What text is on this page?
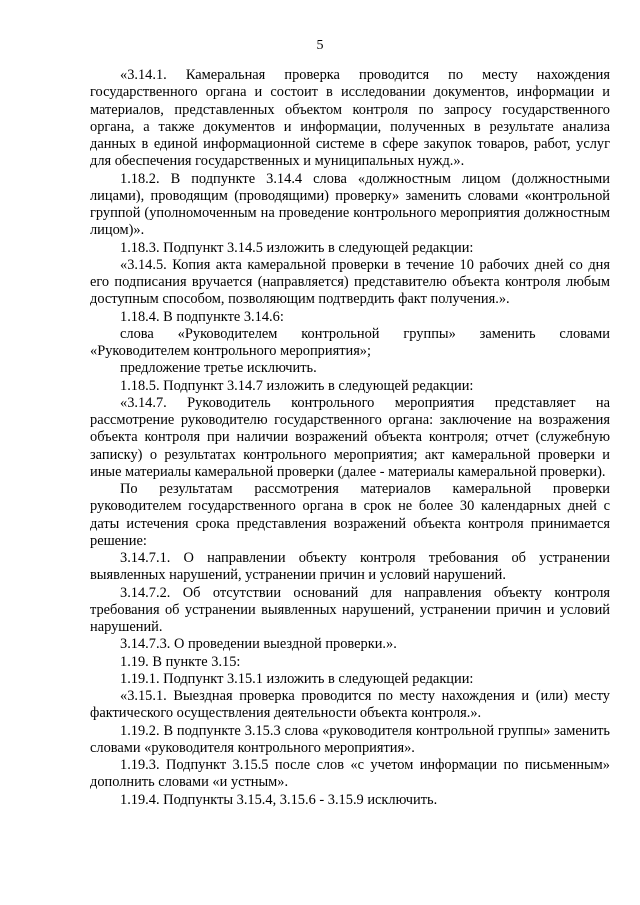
5

«3.14.1. Камеральная проверка проводится по месту нахождения государственного органа и состоит в исследовании документов, информации и материалов, представленных объектом контроля по запросу государственного органа, а также документов и информации, полученных в результате анализа данных в единой информационной системе в сфере закупок товаров, работ, услуг для обеспечения государственных и муниципальных нужд.».

1.18.2. В подпункте 3.14.4 слова «должностным лицом (должностными лицами), проводящим (проводящими) проверку» заменить словами «контрольной группой (уполномоченным на проведение контрольного мероприятия должностным лицом)».

1.18.3. Подпункт 3.14.5 изложить в следующей редакции:

«3.14.5. Копия акта камеральной проверки в течение 10 рабочих дней со дня его подписания вручается (направляется) представителю объекта контроля любым доступным способом, позволяющим подтвердить факт получения.».

1.18.4. В подпункте 3.14.6:

слова «Руководителем контрольной группы» заменить словами «Руководителем контрольного мероприятия»;

предложение третье исключить.

1.18.5. Подпункт 3.14.7 изложить в следующей редакции:

«3.14.7. Руководитель контрольного мероприятия представляет на рассмотрение руководителю государственного органа: заключение на возражения объекта контроля при наличии возражений объекта контроля; отчет (служебную записку) о результатах контрольного мероприятия; акт камеральной проверки и иные материалы камеральной проверки (далее - материалы камеральной проверки).

По результатам рассмотрения материалов камеральной проверки руководителем государственного органа в срок не более 30 календарных дней с даты истечения срока представления возражений объекта контроля принимается решение:

3.14.7.1. О направлении объекту контроля требования об устранении выявленных нарушений, устранении причин и условий нарушений.

3.14.7.2. Об отсутствии оснований для направления объекту контроля требования об устранении выявленных нарушений, устранении причин и условий нарушений.

3.14.7.3. О проведении выездной проверки.».

1.19. В пункте 3.15:

1.19.1. Подпункт 3.15.1 изложить в следующей редакции:

«3.15.1. Выездная проверка проводится по месту нахождения и (или) месту фактического осуществления деятельности объекта контроля.».

1.19.2. В подпункте 3.15.3 слова «руководителя контрольной группы» заменить словами «руководителя контрольного мероприятия».

1.19.3. Подпункт 3.15.5 после слов «с учетом информации по письменным» дополнить словами «и устным».

1.19.4. Подпункты 3.15.4, 3.15.6 - 3.15.9 исключить.
